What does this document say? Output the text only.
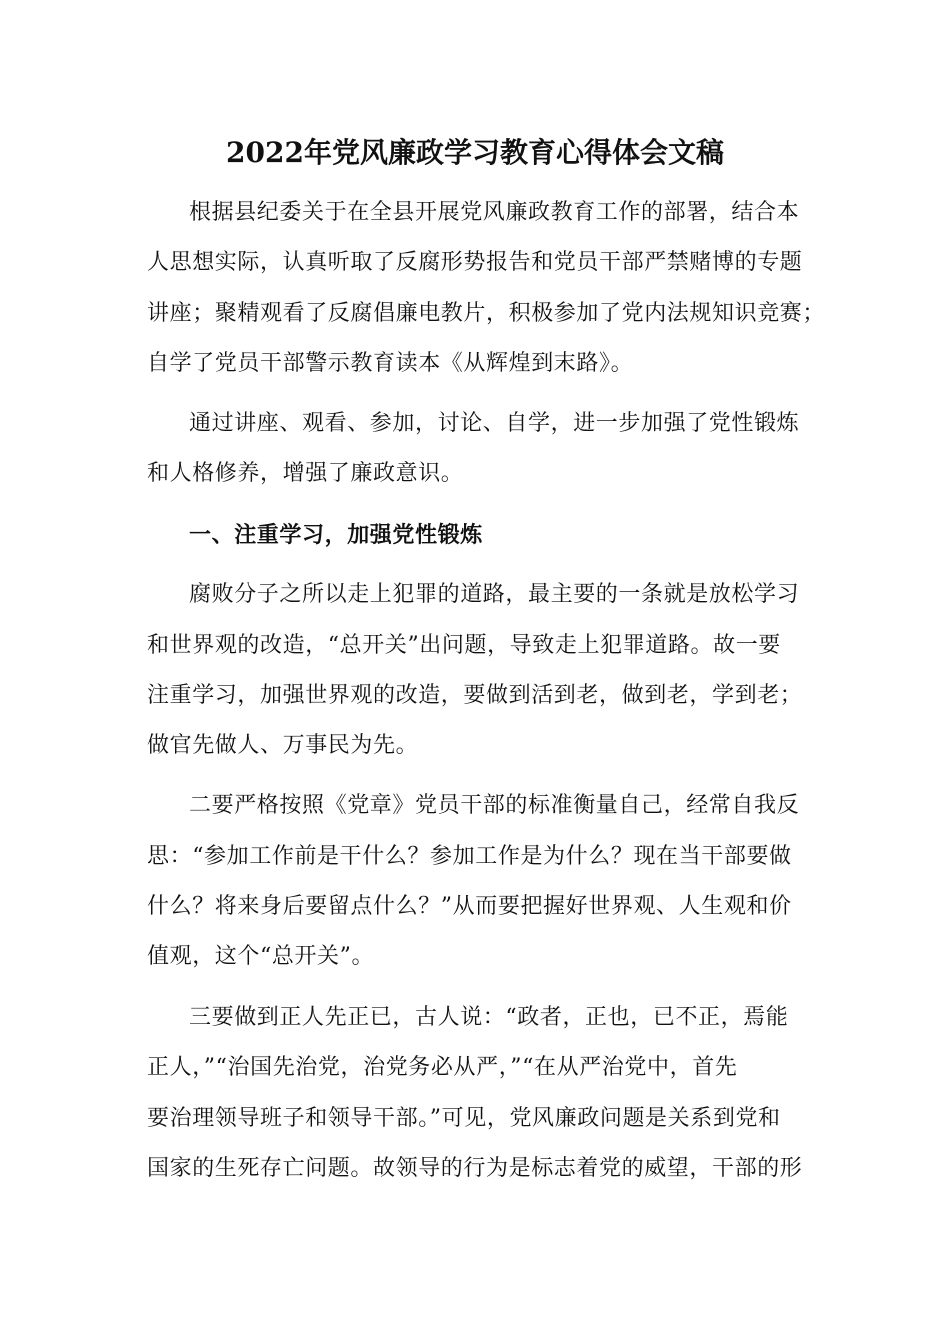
2022年党风廉政学习教育心得体会文稿
根据县纪委关于在全县开展党风廉政教育工作的部署，结合本
人思想实际，认真听取了反腐形势报告和党员干部严禁赌博的专题
讲座；聚精观看了反腐倡廉电教片，积极参加了党内法规知识竞赛；
自学了党员干部警示教育读本《从辉煌到末路》。
通过讲座、观看、参加，讨论、自学，进一步加强了党性锻炼
和人格修养，增强了廉政意识。
一、注重学习，加强党性锻炼
腐败分子之所以走上犯罪的道路，最主要的一条就是放松学习
和世界观的改造，“总开关”出问题，导致走上犯罪道路。故一要
注重学习，加强世界观的改造，要做到活到老，做到老，学到老；
做官先做人、万事民为先。
二要严格按照《党章》党员干部的标准衡量自己，经常自我反
思：“参加工作前是干什么？参加工作是为什么？现在当干部要做
什么？将来身后要留点什么？”从而要把握好世界观、人生观和价
值观，这个“总开关”。
三要做到正人先正已，古人说：“政者，正也，已不正，焉能
正人，”“治国先治党，治党务必从严，”“在从严治党中，首先
要治理领导班子和领导干部。”可见，党风廉政问题是关系到党和
国家的生死存亡问题。故领导的行为是标志着党的威望，干部的形
